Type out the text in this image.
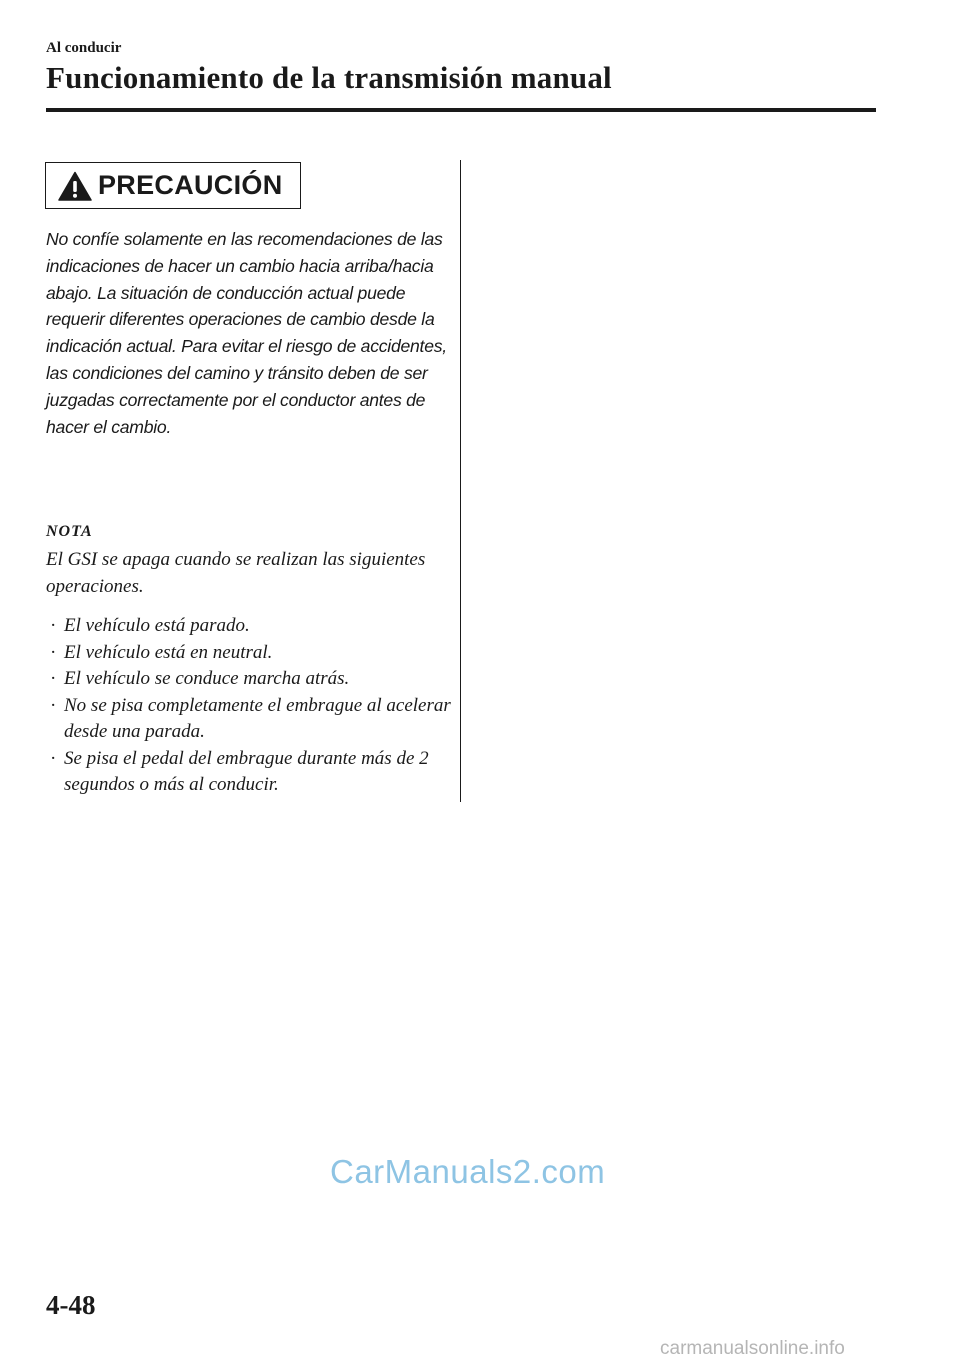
Al conducir
Funcionamiento de la transmisión manual
PRECAUCIÓN

No confíe solamente en las recomendaciones de las indicaciones de hacer un cambio hacia arriba/hacia abajo. La situación de conducción actual puede requerir diferentes operaciones de cambio desde la indicación actual. Para evitar el riesgo de accidentes, las condiciones del camino y tránsito deben de ser juzgadas correctamente por el conductor antes de hacer el cambio.

NOTA

El GSI se apaga cuando se realizan las siguientes operaciones.

· El vehículo está parado.
· El vehículo está en neutral.
· El vehículo se conduce marcha atrás.
· No se pisa completamente el embrague al acelerar desde una parada.
· Se pisa el pedal del embrague durante más de 2 segundos o más al conducir.
CarManuals2.com
4-48
carmanualsonline.info
